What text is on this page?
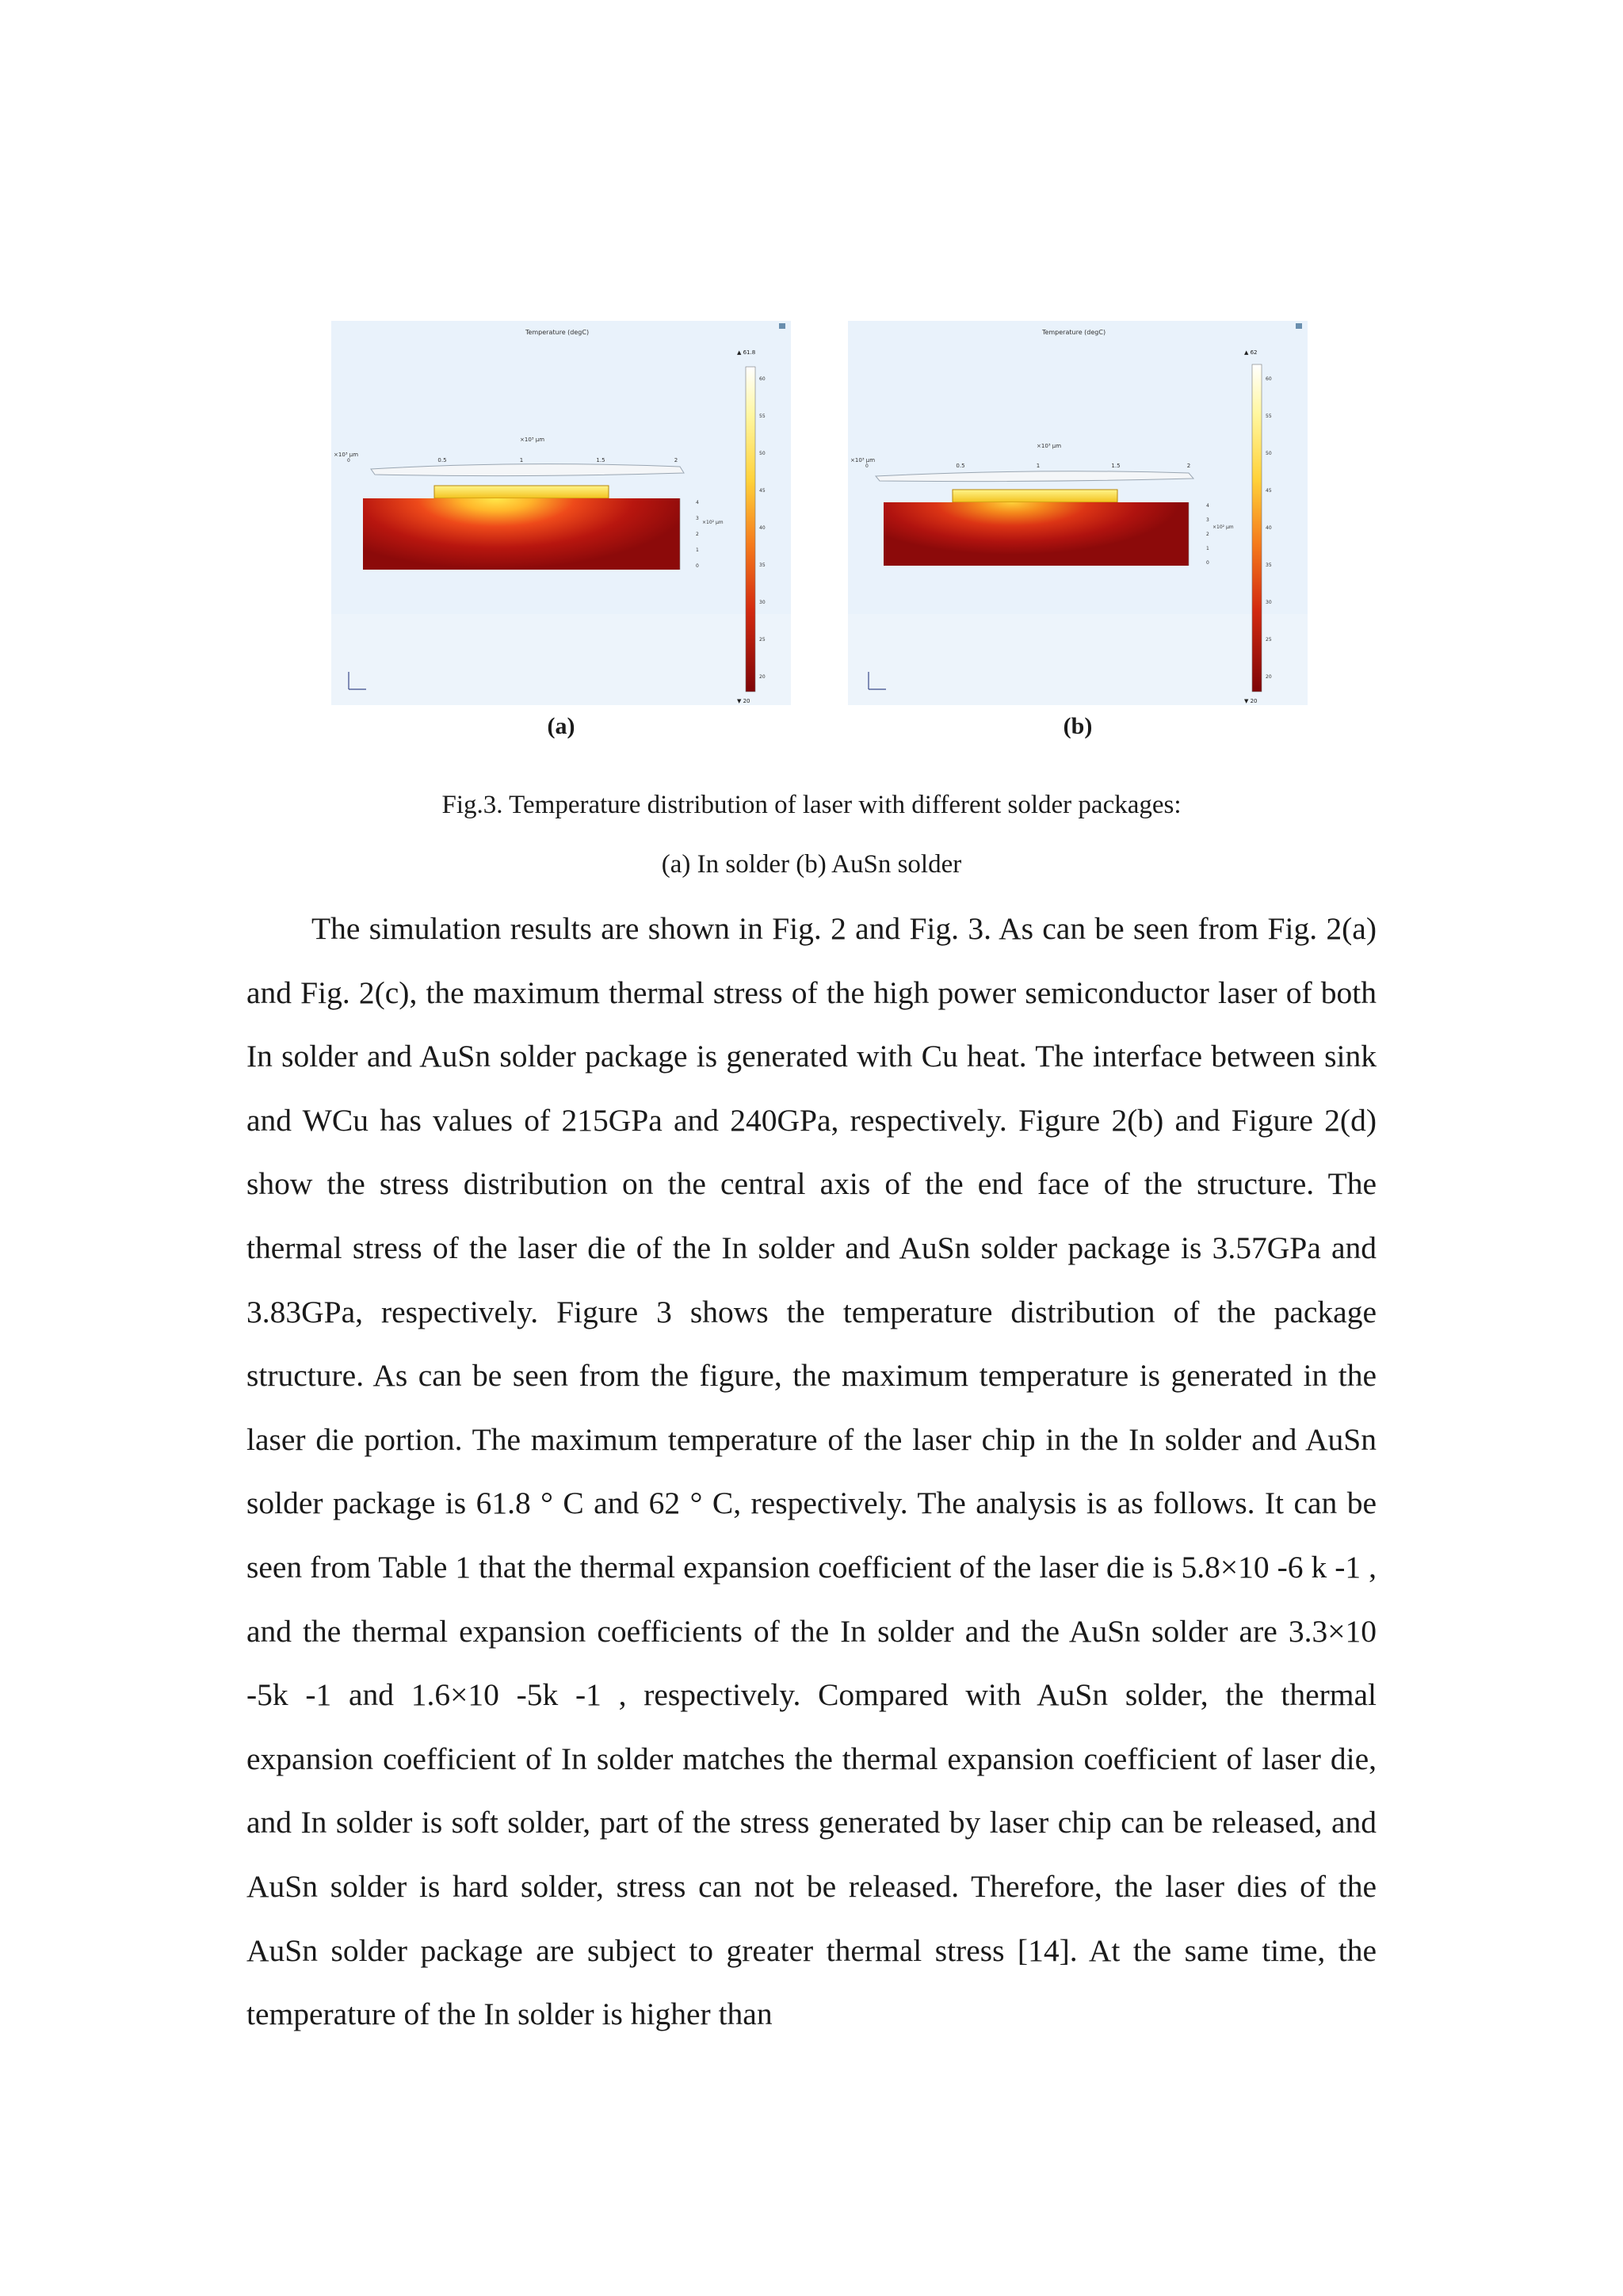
Temperature (degC)
×10³ μm
×10³ μm
0	0.5	1	1.5	2
4
3
2
1
0
×10² μm
▲ 61.8
▼ 20
60
55
50
45
40
35
30
25
20
(a)
Temperature (degC)
×10³ μm
×10³ μm
0	0.5	1	1.5	2
4
3
2
1
0
×10² μm
▲ 62
▼ 20
60
55
50
45
40
35
30
25
20
(b)
Fig.3. Temperature distribution of laser with different solder packages:
(a) In solder (b) AuSn solder

The simulation results are shown in Fig. 2 and Fig. 3. As can be seen from Fig. 2(a) and Fig. 2(c), the maximum thermal stress of the high power semiconductor laser of both In solder and AuSn solder package is generated with Cu heat. The interface between sink and WCu has values of 215GPa and 240GPa, respectively. Figure 2(b) and Figure 2(d) show the stress distribution on the central axis of the end face of the structure. The thermal stress of the laser die of the In solder and AuSn solder package is 3.57GPa and 3.83GPa, respectively. Figure 3 shows the temperature distribution of the package structure. As can be seen from the figure, the maximum temperature is generated in the laser die portion. The maximum temperature of the laser chip in the In solder and AuSn solder package is 61.8 ° C and 62 ° C, respectively. The analysis is as follows. It can be seen from Table 1 that the thermal expansion coefficient of the laser die is 5.8×10 -6 k -1 , and the thermal expansion coefficients of the In solder and the AuSn solder are 3.3×10 -5k -1 and 1.6×10 -5k -1 , respectively. Compared with AuSn solder, the thermal expansion coefficient of In solder matches the thermal expansion coefficient of laser die, and In solder is soft solder, part of the stress generated by laser chip can be released, and AuSn solder is hard solder, stress can not be released. Therefore, the laser dies of the AuSn solder package are subject to greater thermal stress [14]. At the same time, the temperature of the In solder is higher than
